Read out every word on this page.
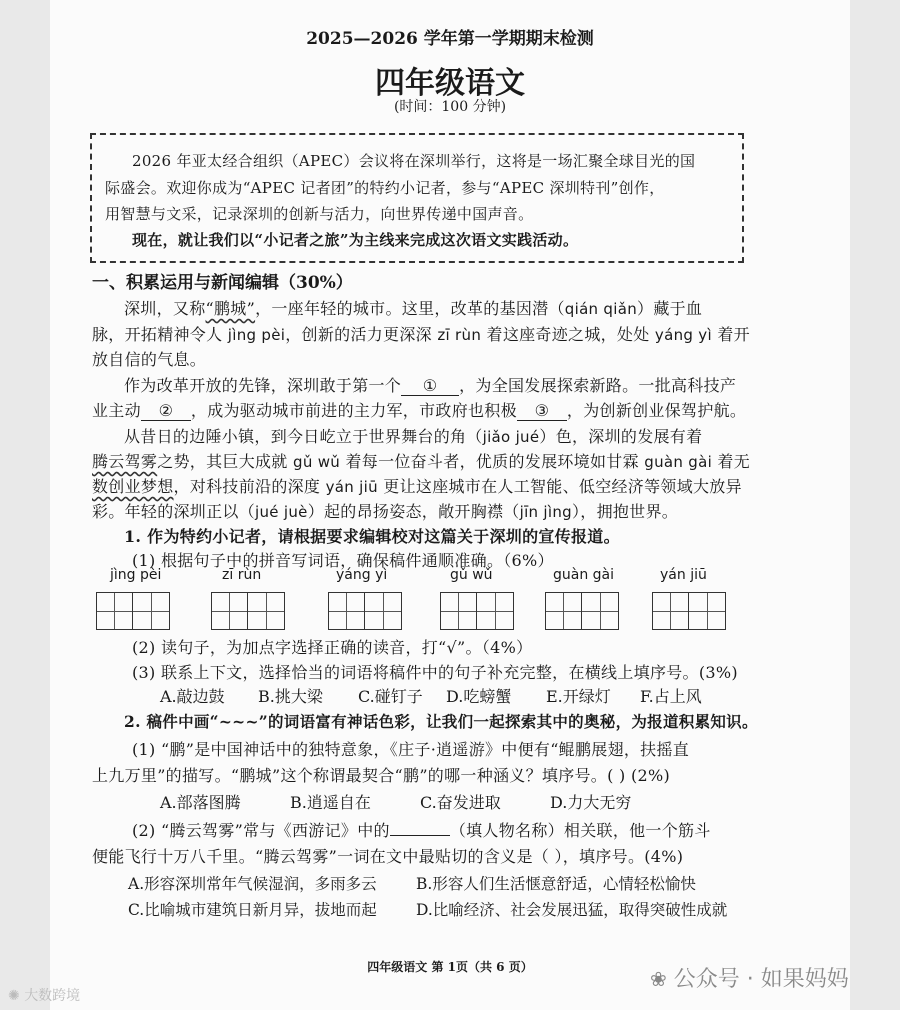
2025—2026 学年第一学期期末检测
四年级语文
(时间：100 分钟)
2026 年亚太经合组织（APEC）会议将在深圳举行，这将是一场汇聚全球目光的国
际盛会。欢迎你成为“APEC 记者团”的特约小记者，参与“APEC 深圳特刊”创作，
用智慧与文采，记录深圳的创新与活力，向世界传递中国声音。
现在，就让我们以“小记者之旅”为主线来完成这次语文实践活动。
一、积累运用与新闻编辑（30%）
深圳，又称“鹏城”，一座年轻的城市。这里，改革的基因潜（qián qiǎn）藏于血
脉，开拓精神令人 jìng pèi，创新的活力更深深 zī rùn 着这座奇迹之城，处处 yáng yì 着开
放自信的气息。
作为改革开放的先锋，深圳敢于第一个 ① ，为全国发展探索新路。一批高科技产
业主动 ② ，成为驱动城市前进的主力军，市政府也积极 ③ ，为创新创业保驾护航。
从昔日的边陲小镇，到今日屹立于世界舞台的角（jiǎo jué）色，深圳的发展有着
腾云驾雾之势，其巨大成就 gǔ wǔ 着每一位奋斗者，优质的发展环境如甘霖 guàn gài 着无
数创业梦想，对科技前沿的深度 yán jiū 更让这座城市在人工智能、低空经济等领域大放异
彩。年轻的深圳正以（jué juè）起的昂扬姿态，敞开胸襟（jīn jìng），拥抱世界。
1. 作为特约小记者，请根据要求编辑校对这篇关于深圳的宣传报道。
(1) 根据句子中的拼音写词语，确保稿件通顺准确。（6%）
jìng pèi	zī rùn	yáng yì	gǔ wǔ	guàn gài	yán jiū
(2) 读句子，为加点字选择正确的读音，打“√”。（4%）
(3) 联系上下文，选择恰当的词语将稿件中的句子补充完整，在横线上填序号。(3%)
A.敲边鼓 B.挑大梁 C.碰钉子 D.吃螃蟹 E.开绿灯 F.占上风
2. 稿件中画“~~~”的词语富有神话色彩，让我们一起探索其中的奥秘，为报道积累知识。
(1) “鹏”是中国神话中的独特意象，《庄子·逍遥游》中便有“鲲鹏展翅，扶摇直
上九万里”的描写。“鹏城”这个称谓最契合“鹏”的哪一种涵义？填序号。( ) (2%)
A.部落图腾	B.逍遥自在	C.奋发进取	D.力大无穷
(2) “腾云驾雾”常与《西游记》中的	（填人物名称）相关联，他一个筋斗
便能飞行十万八千里。“腾云驾雾”一词在文中最贴切的含义是（ ），填序号。(4%)
A.形容深圳常年气候湿润，多雨多云	B.形容人们生活惬意舒适，心情轻松愉快
C.比喻城市建筑日新月异，拔地而起	D.比喻经济、社会发展迅猛，取得突破性成就
四年级语文 第 1页（共 6 页）	❀ 公众号 · 如果妈妈
✺ 大数跨境
